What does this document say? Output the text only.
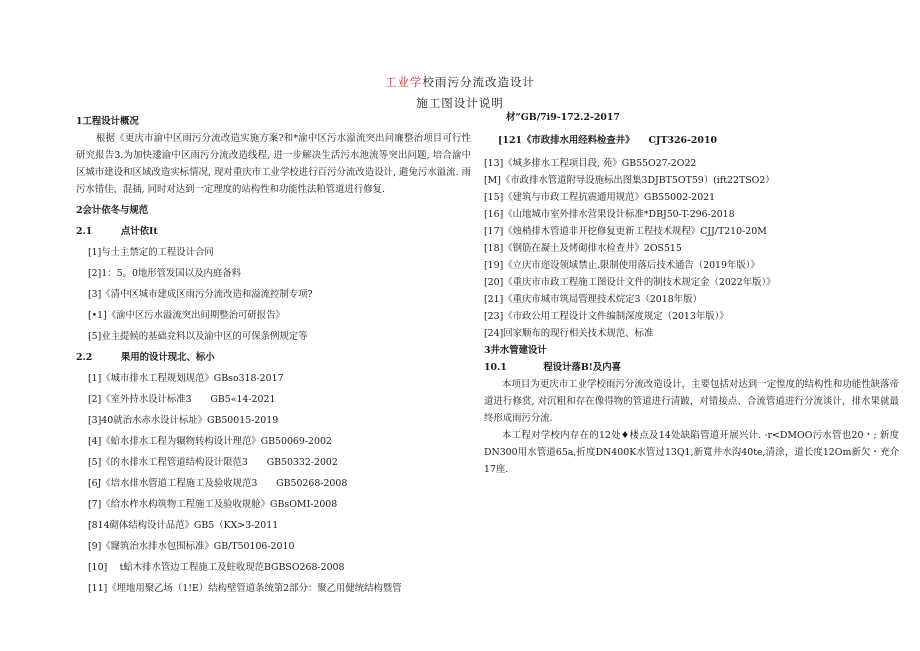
工业学校雨污分流改造设计
施工图设计说明
1工程设计概况
根据《更庆市渝中区雨污分流改造实施方案?和*渝中区污水溢流突出问廉整治项目可行性研究报告3.为加快逶渝中区雨污分流改造线程, 进一步解决生活污水池流等突出问题, 培合渝中区城市建设和区域改造实标情况, 现对重庆市工业学校进行百污分流改造设计, 避兔污水溢流. 雨污水错佳、混插, 同时对达到一定理度的站构性和功能性法粕管道进行修复.
2会计依冬与规范
2.1	点计依It
[1]与土主禁定的工程设计合同
[2]1：5。0地形管发国以及内庭备料
[3]《清中区城市建成区雨污分流改造和溢流控制专项?
[•1]《渝中区污水溢流突出间期整治可研报告》
[5]业主提候的基础竞料以及渝中区的可保条例规定等
2.2	果用的设计现北、标小
[1]《城市排水工程规划规范》GBso318-2017
[2]《室外持水设计标准3　　GB5«14-2021
[3]40就治水赤水设计标址》GB50015-2019
[4]《蛤水排水工程为辗物转构设计理范》GB50069-2002
[5]《的水排水工程管道结构设计限范3　　GB50332-2002
[6J《培水排水管道工程施工及验收规范3　　GB50268-2008
[7]《给水柞水构筑物工程施工及验收规舱》GBsOMI-2008
[814砌体结构设计品范》GB5（KX>3-2011
[9]《窿筑治水排水包围标准》GB/T50106-2010
[10]　 t蛤木排水管边工程施工及蛀收现范BGBSO268-2008
[11]《埋地用聚乙场（1!E）结构壁管道条统第2部分：聚乙用健统结构暨管
材”GB/7i9-172.2-2017
[121《市政排水用经料检查井》　　CJT326-2010
[13]《城多排水工程项目段, 苑》GB55O27-2O22
[M]《市政排水管道附导设施标出图集3DJBT5OT59）(ift22TSO2）
[15]《建筑与市政工程抗震通用规范》GB55002-2021
[16]《山地城市室外排水营果设计标准*DBJ50-T-296-2018
[17]《烛梢排木管道非开挖修复更新工程技术规程》CJJ/T210-20M
[18]《钢筋在凝土及烤砌排水检查井》2OS515
[19]《立庆市迩设领域禁止.限制使用落后技术通告（2019年版）》
[20]《重庆市市政工程施工图设计文件的制技术规定金（2022年版）》
[21]《重庆市城市筑局管理技术烷定3（2018年版）
[23]《市政公用工程设计文件编制深度规定（2013年版）》
[24]回家顺布的现行相关技术规范、标准
3井水管建设计
10.1	程设计落B!及内喜
本项目为更庆市工业学校雨污分流改造设计，主要包括对达到一定惶度的结构性和功能性缺落帝道进行修赏, 对沉粗和存在像得物的管道进行清跛，对错接点、合流管道进行分流谈计，排水果就最终形成雨污分流.
本工程对学校内存在的12处♦楼点及14处缺陷管道开展兴计. ·r<DMOO污水管也20・; 新度DN300用水管道65a,折度DN400K水管过13Q1,新寬井水沟40te,清涂，道长度12Om新欠・充介17座.
